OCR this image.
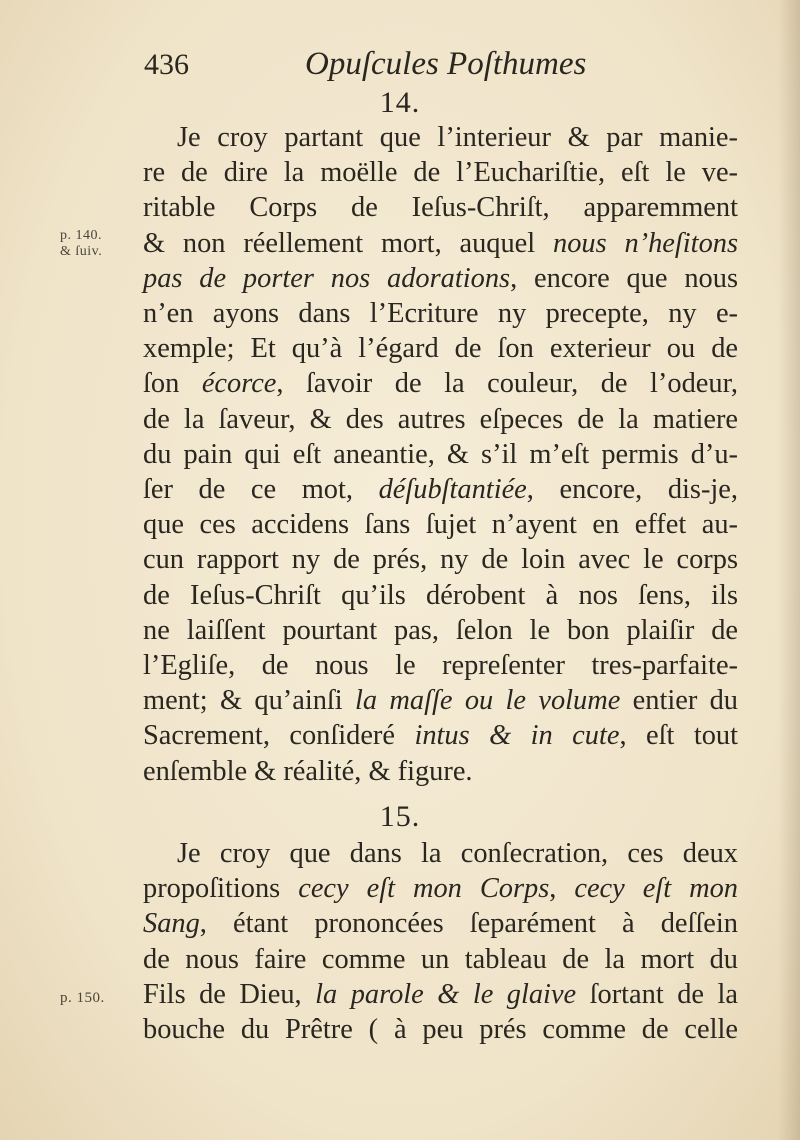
436	Opuſcules Poſthumes
14.
Je croy partant que l’interieur & par manie-
re de dire la moëlle de l’Euchariſtie, eſt le ve-
ritable Corps de Ieſus-Chriſt, apparemment
& non réellement mort, auquel nous n’heſitons
pas de porter nos adorations, encore que nous
n’en ayons dans l’Ecriture ny precepte, ny e-
xemple; Et qu’à l’égard de ſon exterieur ou de
ſon écorce, ſavoir de la couleur, de l’odeur,
de la ſaveur, & des autres eſpeces de la matiere
du pain qui eſt aneantie, & s’il m’eſt permis d’u-
ſer de ce mot, déſubſtantiée, encore, dis-je,
que ces accidens ſans ſujet n’ayent en effet au-
cun rapport ny de prés, ny de loin avec le corps
de Ieſus-Chriſt qu’ils dérobent à nos ſens, ils
ne laiſſent pourtant pas, ſelon le bon plaiſir de
l’Egliſe, de nous le repreſenter tres-parfaite-
ment; & qu’ainſi la maſſe ou le volume entier du
Sacrement, conſideré intus & in cute, eſt tout
enſemble & réalité, & figure.
15.
Je croy que dans la conſecration, ces deux
propoſitions cecy eſt mon Corps, cecy eſt mon
Sang, étant prononcées ſeparément à deſſein
de nous faire comme un tableau de la mort du
Fils de Dieu, la parole & le glaive ſortant de la
bouche du Prêtre ( à peu prés comme de celle
p. 140.
& ſuiv.
p. 150.
